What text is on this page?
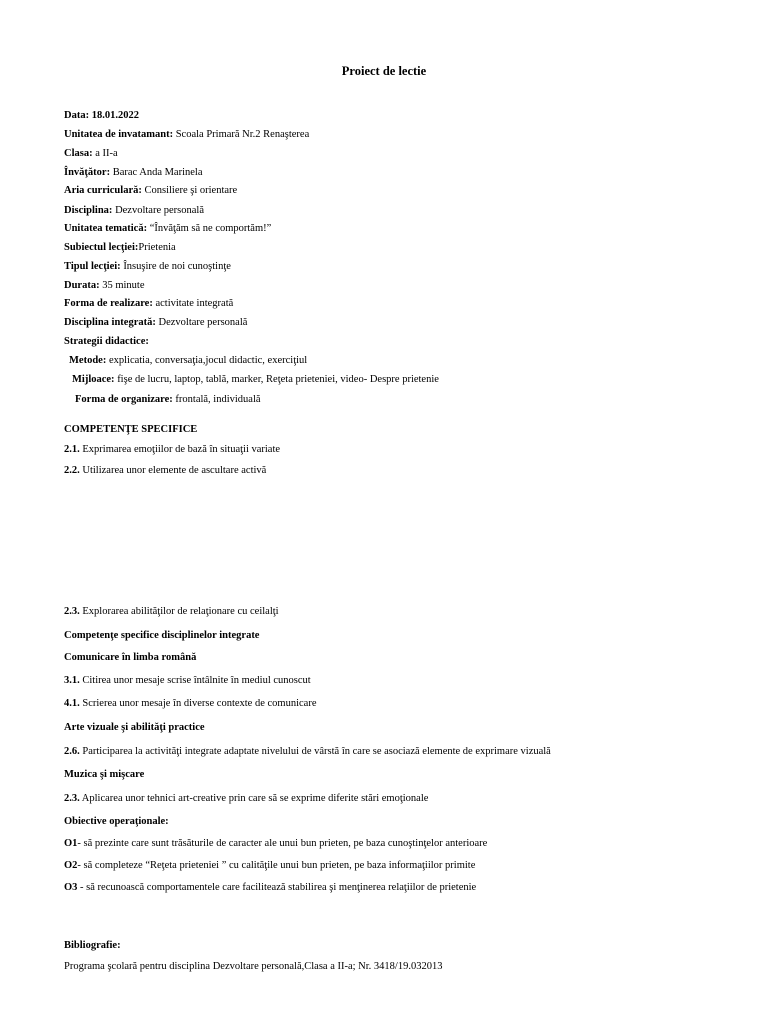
Proiect de lectie
Data: 18.01.2022
Unitatea de invatamant: Scoala Primară Nr.2 Renaşterea
Clasa: a II-a
Învăţător: Barac Anda Marinela
Aria curriculară: Consiliere şi orientare
Disciplina: Dezvoltare personală
Unitatea tematică: “Învăţăm să ne comportăm!”
Subiectul lecţiei:Prietenia
Tipul lecţiei: Însuşire de noi cunoştinţe
Durata: 35 minute
Forma de realizare: activitate integrată
Disciplina integrată: Dezvoltare personală
Strategii didactice:
Metode: explicatia, conversaţia,jocul didactic, exerciţiul
Mijloace: fişe de lucru, laptop, tablă, marker, Reţeta prieteniei, video- Despre prietenie
Forma de organizare: frontală, individuală
COMPETENŢE SPECIFICE
2.1. Exprimarea emoţiilor de bază în situaţii variate
2.2. Utilizarea unor elemente de ascultare activă
2.3. Explorarea abilităţilor de relaţionare cu ceilalţi
Competenţe specifice disciplinelor integrate
Comunicare în limba română
3.1. Citirea unor mesaje scrise întâlnite în mediul cunoscut
4.1. Scrierea unor mesaje în diverse contexte de comunicare
Arte vizuale şi abilităţi practice
2.6. Participarea la activităţi integrate adaptate nivelului de vârstă în care se asociază elemente de exprimare vizuală
Muzica şi mişcare
2.3. Aplicarea unor tehnici art-creative prin care să se exprime diferite stări emoţionale
Obiective operaţionale:
O1- să prezinte care sunt trăsăturile de caracter ale unui bun prieten, pe baza cunoştinţelor anterioare
O2- să completeze “Reţeta prieteniei ” cu calităţile unui bun prieten, pe baza informaţiilor primite
O3 - să recunoască comportamentele care facilitează stabilirea şi menţinerea relaţiilor de prietenie
Bibliografie:
Programa şcolară pentru disciplina Dezvoltare personală,Clasa a II-a; Nr. 3418/19.032013
